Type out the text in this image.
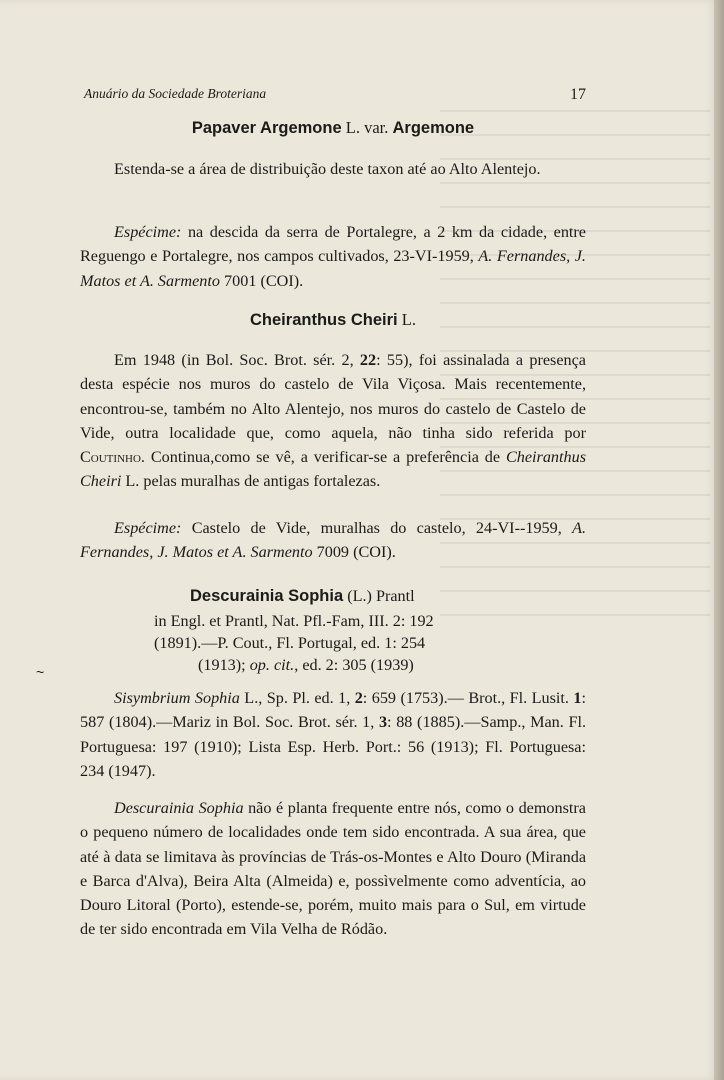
Anuário da Sociedade Broteriana	17

Papaver Argemone L. var. Argemone

Estenda-se a área de distribuição deste taxon até ao Alto Alentejo.

Espécime: na descida da serra de Portalegre, a 2 km da cidade, entre Reguengo e Portalegre, nos campos cultivados, 23-VI-1959, A. Fernandes, J. Matos et A. Sarmento 7001 (COI).

Cheiranthus Cheiri L.

Em 1948 (in Bol. Soc. Brot. sér. 2, 22: 55), foi assinalada a presença desta espécie nos muros do castelo de Vila Viçosa. Mais recentemente, encontrou-se, também no Alto Alentejo, nos muros do castelo de Castelo de Vide, outra localidade que, como aquela, não tinha sido referida por Coutinho. Continua,como se vê, a verificar-se a preferência de Cheiranthus Cheiri L. pelas muralhas de antigas fortalezas.

Espécime: Castelo de Vide, muralhas do castelo, 24-VI--1959, A. Fernandes, J. Matos et A. Sarmento 7009 (COI).

Descurainia Sophia (L.) Prantl
in Engl. et Prantl, Nat. Pfl.-Fam, III. 2: 192
(1891).—P. Cout., Fl. Portugal, ed. 1: 254
(1913); op. cit., ed. 2: 305 (1939)
~

Sisymbrium Sophia L., Sp. Pl. ed. 1, 2: 659 (1753).— Brot., Fl. Lusit. 1: 587 (1804).—Mariz in Bol. Soc. Brot. sér. 1, 3: 88 (1885).—Samp., Man. Fl. Portuguesa: 197 (1910); Lista Esp. Herb. Port.: 56 (1913); Fl. Portuguesa: 234 (1947).

Descurainia Sophia não é planta frequente entre nós, como o demonstra o pequeno número de localidades onde tem sido encontrada. A sua área, que até à data se limitava às províncias de Trás-os-Montes e Alto Douro (Miranda e Barca d'Alva), Beira Alta (Almeida) e, possìvelmente como adventícia, ao Douro Litoral (Porto), estende-se, porém, muito mais para o Sul, em virtude de ter sido encontrada em Vila Velha de Ródão.
